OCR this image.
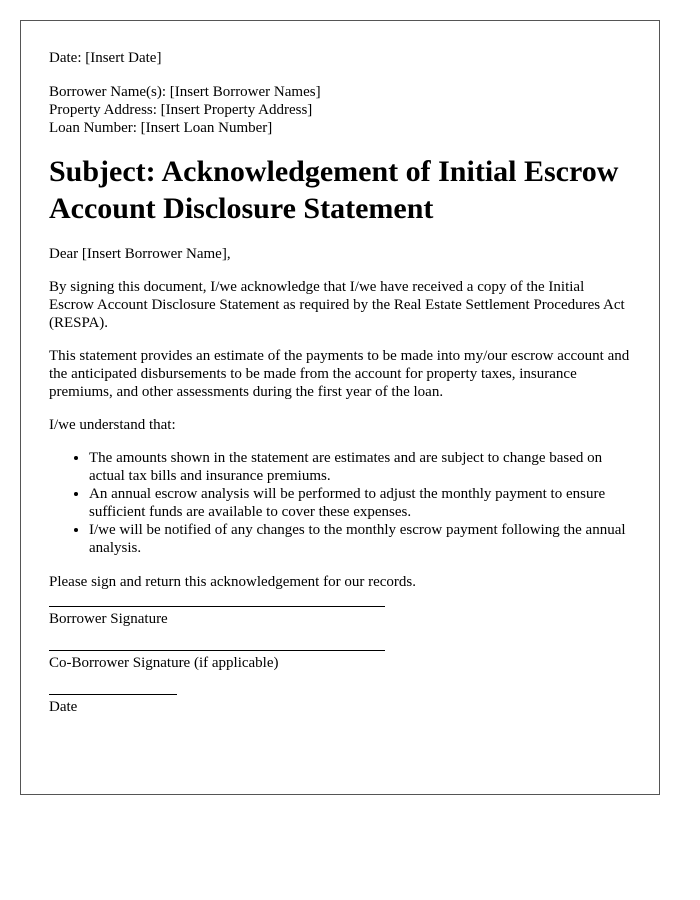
Date: [Insert Date]
Borrower Name(s): [Insert Borrower Names]
Property Address: [Insert Property Address]
Loan Number: [Insert Loan Number]
Subject: Acknowledgement of Initial Escrow Account Disclosure Statement

Dear [Insert Borrower Name],

By signing this document, I/we acknowledge that I/we have received a copy of the Initial Escrow Account Disclosure Statement as required by the Real Estate Settlement Procedures Act (RESPA).

This statement provides an estimate of the payments to be made into my/our escrow account and the anticipated disbursements to be made from the account for property taxes, insurance premiums, and other assessments during the first year of the loan.

I/we understand that:

• The amounts shown in the statement are estimates and are subject to change based on actual tax bills and insurance premiums.
• An annual escrow analysis will be performed to adjust the monthly payment to ensure sufficient funds are available to cover these expenses.
• I/we will be notified of any changes to the monthly escrow payment following the annual analysis.

Please sign and return this acknowledgement for our records.

Borrower Signature
Co-Borrower Signature (if applicable)
Date
